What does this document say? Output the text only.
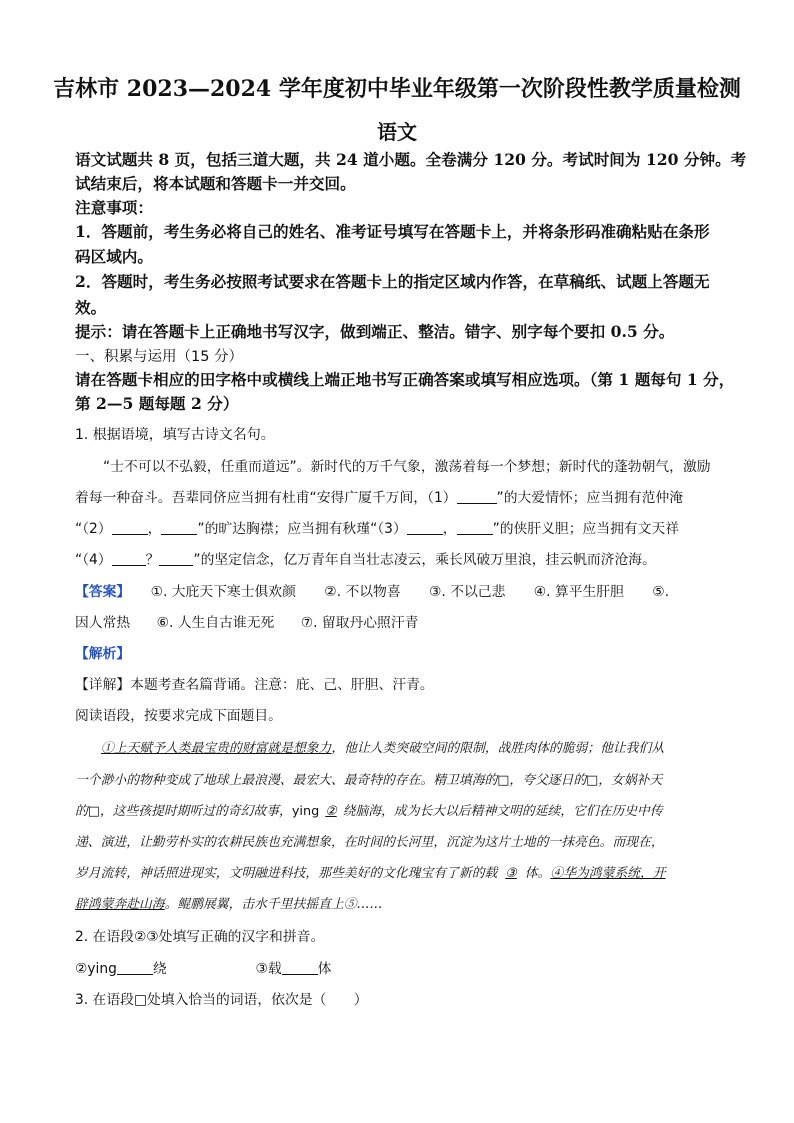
吉林市 2023—2024 学年度初中毕业年级第一次阶段性教学质量检测
语文
语文试题共 8 页，包括三道大题，共 24 道小题。全卷满分 120 分。考试时间为 120 分钟。考
试结束后，将本试题和答题卡一并交回。
注意事项：
1．答题前，考生务必将自己的姓名、准考证号填写在答题卡上，并将条形码准确粘贴在条形
码区域内。
2．答题时，考生务必按照考试要求在答题卡上的指定区域内作答，在草稿纸、试题上答题无
效。
提示：请在答题卡上正确地书写汉字，做到端正、整洁。错字、别字每个要扣 0.5 分。
一、积累与运用（15 分）
请在答题卡相应的田字格中或横线上端正地书写正确答案或填写相应选项。（第 1 题每句 1 分，
第 2—5 题每题 2 分）
1. 根据语境，填写古诗文名句。
“士不可以不弘毅，任重而道远”。新时代的万千气象，激荡着每一个梦想；新时代的蓬勃朝气，激励
着每一种奋斗。吾辈同侪应当拥有杜甫“安得广厦千万间，（1）	”的大爱情怀；应当拥有范仲淹
“（2）	，	”的旷达胸襟；应当拥有秋瑾“（3）	，	”的侠肝义胆；应当拥有文天祥
“（4） ？ ”的坚定信念，亿万青年自当壮志凌云，乘长风破万里浪，挂云帆而济沧海。
【答案】 ①. 大庇天下寒士俱欢颜 ②. 不以物喜 ③. 不以己悲 ④. 算平生肝胆 ⑤.
因人常热 ⑥. 人生自古谁无死 ⑦. 留取丹心照汗青
【解析】
【详解】本题考查名篇背诵。注意：庇、己、肝胆、汗青。
阅读语段，按要求完成下面题目。
①上天赋予人类最宝贵的财富就是想象力，他让人类突破空间的限制，战胜肉体的脆弱；他让我们从
一个渺小的物种变成了地球上最浪漫、最宏大、最奇特的存在。精卫填海的□，夸父逐日的□，女娲补天
的□，这些孩提时期听过的奇幻故事，ying ② 绕脑海，成为长大以后精神文明的延续，它们在历史中传
递、演进，让勤劳朴实的农耕民族也充满想象，在时间的长河里，沉淀为这片土地的一抹亮色。而现在，
岁月流转，神话照进现实，文明融进科技，那些美好的文化瑰宝有了新的载 ③ 体。④华为鸿蒙系统，开
辟鸿蒙奔赴山海。鲲鹏展翼，击水千里扶摇直上⑤……
2. 在语段②③处填写正确的汉字和拼音。
②ying	绕	③载	体
3. 在语段□处填入恰当的词语，依次是（　　）
